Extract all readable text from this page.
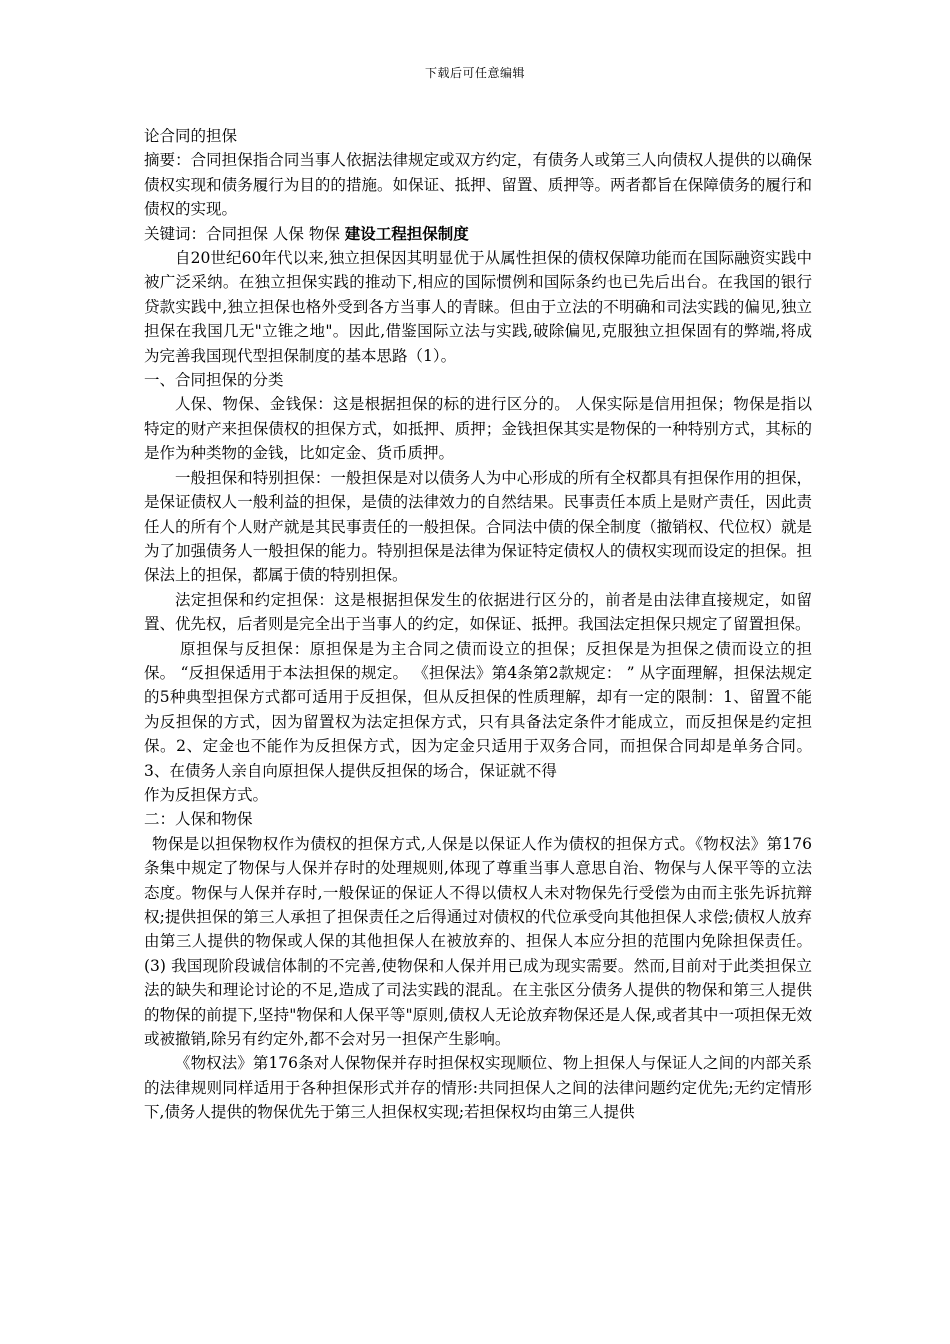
下载后可任意编辑

论合同的担保

摘要：合同担保指合同当事人依据法律规定或双方约定，有债务人或第三人向债权人提供的以确保债权实现和债务履行为目的的措施。如保证、抵押、留置、质押等。两者都旨在保障债务的履行和债权的实现。

关键词：合同担保 人保 物保 建设工程担保制度

自20世纪60年代以来,独立担保因其明显优于从属性担保的债权保障功能而在国际融资实践中被广泛采纳。在独立担保实践的推动下,相应的国际惯例和国际条约也已先后出台。在我国的银行贷款实践中,独立担保也格外受到各方当事人的青睐。但由于立法的不明确和司法实践的偏见,独立担保在我国几无"立锥之地"。因此,借鉴国际立法与实践,破除偏见,克服独立担保固有的弊端,将成为完善我国现代型担保制度的基本思路（1）。

一、合同担保的分类

人保、物保、金钱保：这是根据担保的标的进行区分的。 人保实际是信用担保；物保是指以特定的财产来担保债权的担保方式，如抵押、质押；金钱担保其实是物保的一种特别方式，其标的是作为种类物的金钱，比如定金、货币质押。

一般担保和特别担保：一般担保是对以债务人为中心形成的所有全权都具有担保作用的担保，是保证债权人一般利益的担保，是债的法律效力的自然结果。民事责任本质上是财产责任，因此责任人的所有个人财产就是其民事责任的一般担保。合同法中债的保全制度（撤销权、代位权）就是为了加强债务人一般担保的能力。特别担保是法律为保证特定债权人的债权实现而设定的担保。担保法上的担保，都属于债的特别担保。

法定担保和约定担保：这是根据担保发生的依据进行区分的，前者是由法律直接规定，如留置、优先权，后者则是完全出于当事人的约定，如保证、抵押。我国法定担保只规定了留置担保。

原担保与反担保：原担保是为主合同之债而设立的担保；反担保是为担保之债而设立的担保。 “反担保适用于本法担保的规定。 《担保法》第4条第2款规定： ” 从字面理解，担保法规定的5种典型担保方式都可适用于反担保，但从反担保的性质理解，却有一定的限制：1、留置不能为反担保的方式，因为留置权为法定担保方式，只有具备法定条件才能成立，而反担保是约定担保。2、定金也不能作为反担保方式，因为定金只适用于双务合同，而担保合同却是单务合同。3、在债务人亲自向原担保人提供反担保的场合，保证就不得

作为反担保方式。

二：人保和物保

物保是以担保物权作为债权的担保方式,人保是以保证人作为债权的担保方式。《物权法》第176条集中规定了物保与人保并存时的处理规则,体现了尊重当事人意思自治、物保与人保平等的立法态度。物保与人保并存时,一般保证的保证人不得以债权人未对物保先行受偿为由而主张先诉抗辩权;提供担保的第三人承担了担保责任之后得通过对债权的代位承受向其他担保人求偿;债权人放弃由第三人提供的物保或人保的其他担保人在被放弃的、担保人本应分担的范围内免除担保责任。(3) 我国现阶段诚信体制的不完善,使物保和人保并用已成为现实需要。然而,目前对于此类担保立法的缺失和理论讨论的不足,造成了司法实践的混乱。在主张区分债务人提供的物保和第三人提供的物保的前提下,坚持"物保和人保平等"原则,债权人无论放弃物保还是人保,或者其中一项担保无效或被撤销,除另有约定外,都不会对另一担保产生影响。

《物权法》第176条对人保物保并存时担保权实现顺位、物上担保人与保证人之间的内部关系的法律规则同样适用于各种担保形式并存的情形:共同担保人之间的法律问题约定优先;无约定情形下,债务人提供的物保优先于第三人担保权实现;若担保权均由第三人提供
